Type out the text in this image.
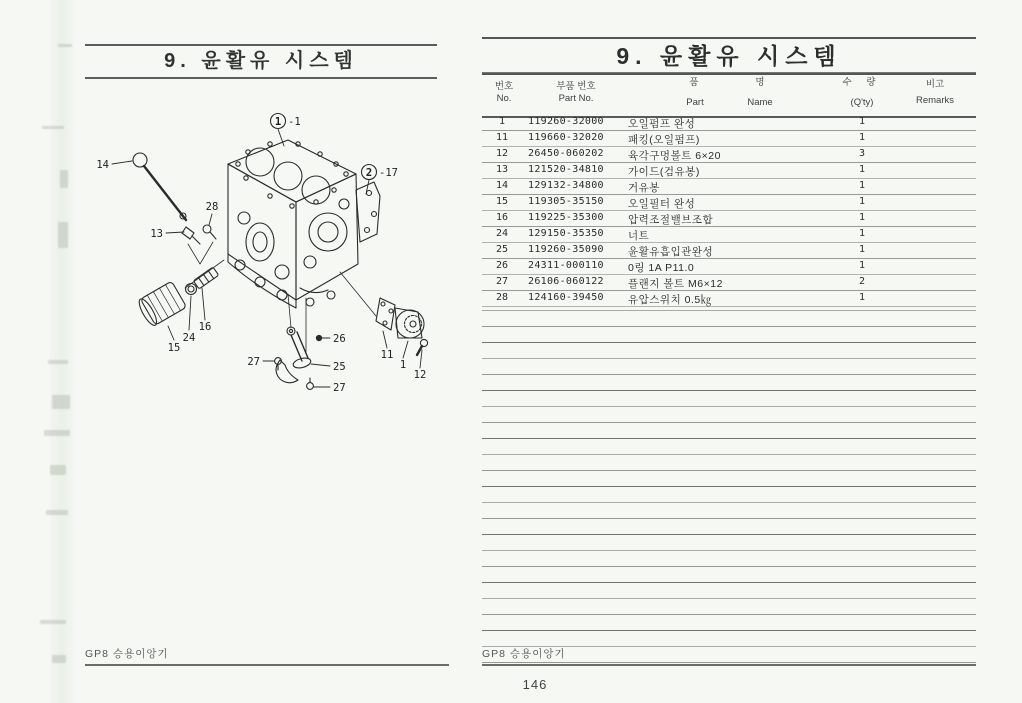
9. 윤활유 시스템
1 -1
2 -17
14
13
28
16
24
15
27
26
25
27
11
1
12
GP8 승용이앙기
9. 윤활유 시스템
번호
No.
부품 번호
Part No.
품	명
Part	Name
수 량
(Q'ty)
비고
Remarks
1	119260-32000	오일펌프 완성	1
11	119660-32020	패킹(오일펌프)	1
12	26450-060202	육각구멍볼트 6×20	3
13	121520-34810	가이드(검유봉)	1
14	129132-34800	거유봉	1
15	119305-35150	오일필터 완성	1
16	119225-35300	압력조절밸브조합	1
24	129150-35350	너트	1
25	119260-35090	윤활유흡입관완성	1
26	24311-000110	0링 1A P11.0	1
27	26106-060122	플랜지 볼트 M6×12	2
28	124160-39450	유압스위치 0.5㎏	1
GP8 승용이앙기
146
